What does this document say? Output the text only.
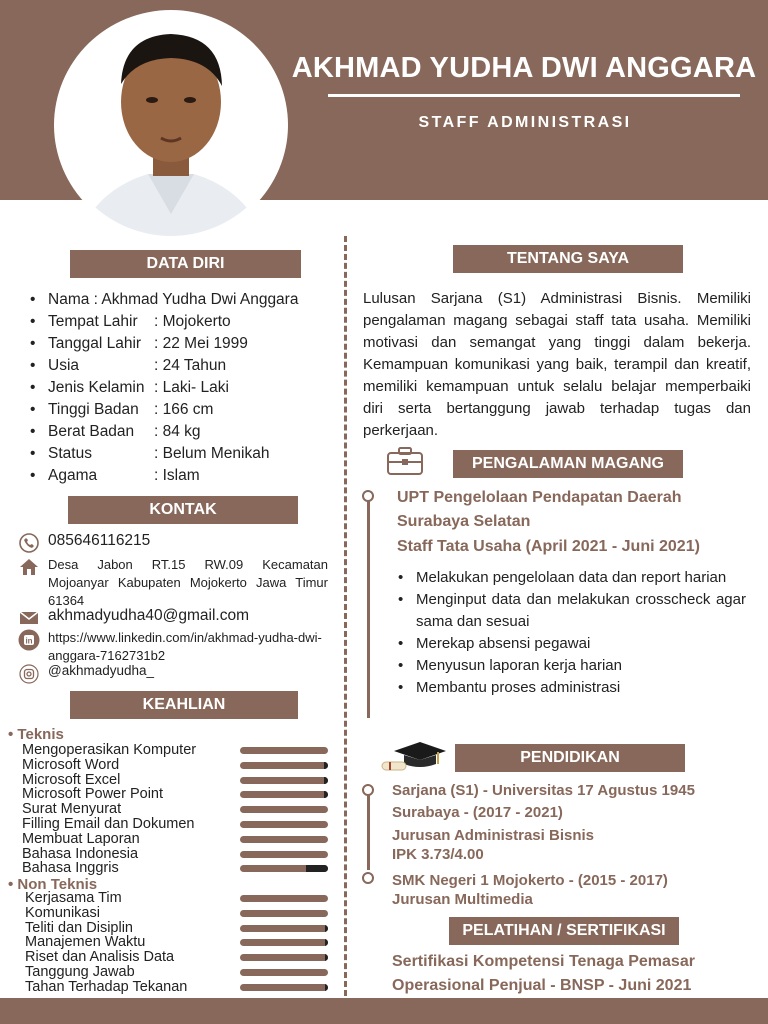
AKHMAD YUDHA DWI ANGGARA
STAFF ADMINISTRASI
DATA DIRI
• Nama : Akhmad Yudha Dwi Anggara
• Tempat Lahir : Mojokerto
• Tanggal Lahir : 22 Mei 1999
• Usia	: 24 Tahun
• Jenis Kelamin : Laki- Laki
• Tinggi Badan : 166 cm
• Berat Badan : 84 kg
• Status	: Belum Menikah
• Agama	: Islam
KONTAK
085646116215
Desa Jabon RT.15 RW.09 Kecamatan Mojoanyar Kabupaten Mojokerto Jawa Timur 61364
akhmadyudha40@gmail.com
in https://www.linkedin.com/in/akhmad-yudha-dwi-anggara-7162731b2
@akhmadyudha_
KEAHLIAN
• Teknis
Mengoperasikan Komputer
Microsoft Word
Microsoft Excel
Microsoft Power Point
Surat Menyurat
Filling Email dan Dokumen
Membuat Laporan
Bahasa Indonesia
Bahasa Inggris
• Non Teknis
Kerjasama Tim
Komunikasi
Teliti dan Disiplin
Manajemen Waktu
Riset dan Analisis Data
Tanggung Jawab
Tahan Terhadap Tekanan
TENTANG SAYA
Lulusan Sarjana (S1) Administrasi Bisnis. Memiliki pengalaman magang sebagai staff tata usaha. Memiliki motivasi dan semangat yang tinggi dalam bekerja. Kemampuan komunikasi yang baik, terampil dan kreatif, memiliki kemampuan untuk selalu belajar memperbaiki diri serta bertanggung jawab terhadap tugas dan perkerjaan.
PENGALAMAN MAGANG
UPT Pengelolaan Pendapatan Daerah Surabaya Selatan
Staff Tata Usaha (April 2021 - Juni 2021)
• Melakukan pengelolaan data dan report harian
• Menginput data dan melakukan crosscheck agar sama dan sesuai
• Merekap absensi pegawai
• Menyusun laporan kerja harian
• Membantu proses administrasi
PENDIDIKAN
Sarjana (S1) - Universitas 17 Agustus 1945
Surabaya - (2017 - 2021)
Jurusan Administrasi Bisnis
IPK 3.73/4.00
SMK Negeri 1 Mojokerto - (2015 - 2017)
Jurusan Multimedia
PELATIHAN / SERTIFIKASI
Sertifikasi Kompetensi Tenaga Pemasar
Operasional Penjual - BNSP - Juni 2021
